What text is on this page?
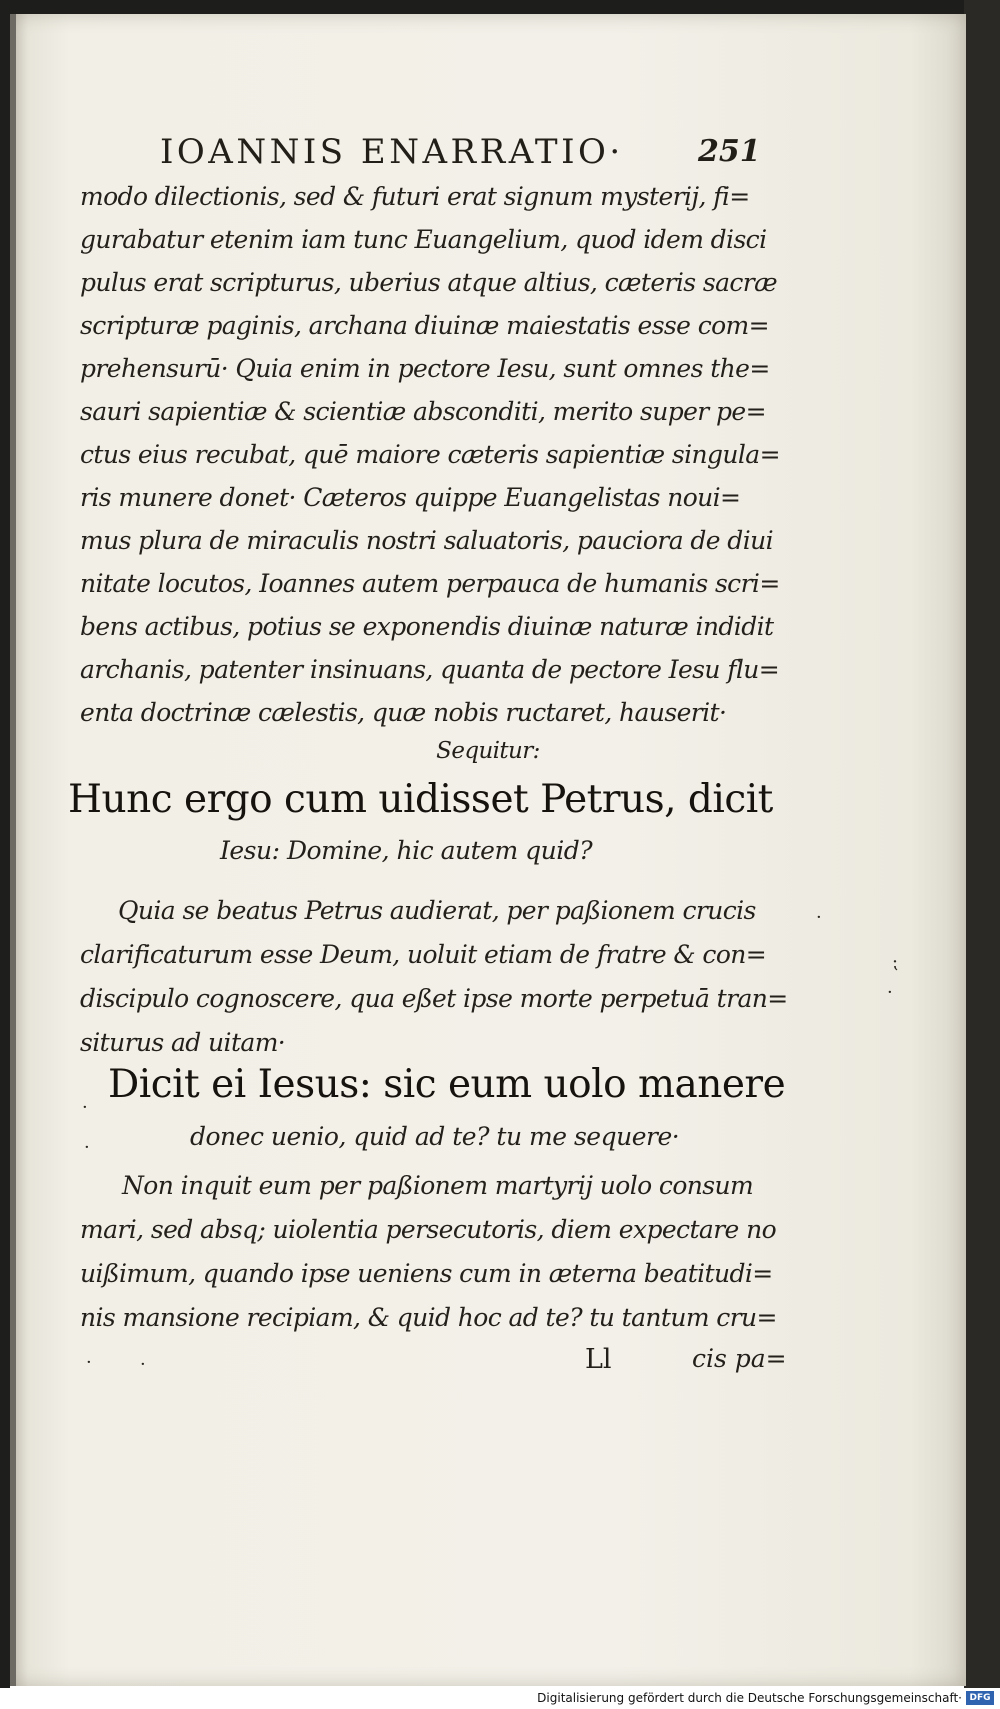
IOANNIS ENARRATIO· 251
modo dilectionis, sed & futuri erat signum mysterij, fi=
gurabatur etenim iam tunc Euangelium, quod idem disci
pulus erat scripturus, uberius atque altius, cæteris sacræ
scripturæ paginis, archana diuinæ maiestatis esse com=
prehensurū· Quia enim in pectore Iesu, sunt omnes the=
sauri sapientiæ & scientiæ absconditi, merito super pe=
ctus eius recubat, quē maiore cæteris sapientiæ singula=
ris munere donet· Cæteros quippe Euangelistas noui=
mus plura de miraculis nostri saluatoris, pauciora de diui
nitate locutos, Ioannes autem perpauca de humanis scri=
bens actibus, potius se exponendis diuinæ naturæ indidit
archanis, patenter insinuans, quanta de pectore Iesu flu=
enta doctrinæ cælestis, quæ nobis ructaret, hauserit·
Sequitur:
Hunc ergo cum uidisset Petrus, dicit
Iesu: Domine, hic autem quid?
Quia se beatus Petrus audierat, per paßionem crucis
clarificaturum esse Deum, uoluit etiam de fratre & con=
discipulo cognoscere, qua eßet ipse morte perpetuā tran=
siturus ad uitam·
Dicit ei Iesus: sic eum uolo manere
donec uenio, quid ad te? tu me sequere·
Non inquit eum per paßionem martyrij uolo consum
mari, sed absq; uiolentia persecutoris, diem expectare no
uißimum, quando ipse ueniens cum in æterna beatitudi=
nis mansione recipiam, & quid hoc ad te? tu tantum cru=
Ll	cis pa=
·
⁏
·
·
·
·	·
Digitalisierung gefördert durch die Deutsche Forschungsgemeinschaft· DFG
